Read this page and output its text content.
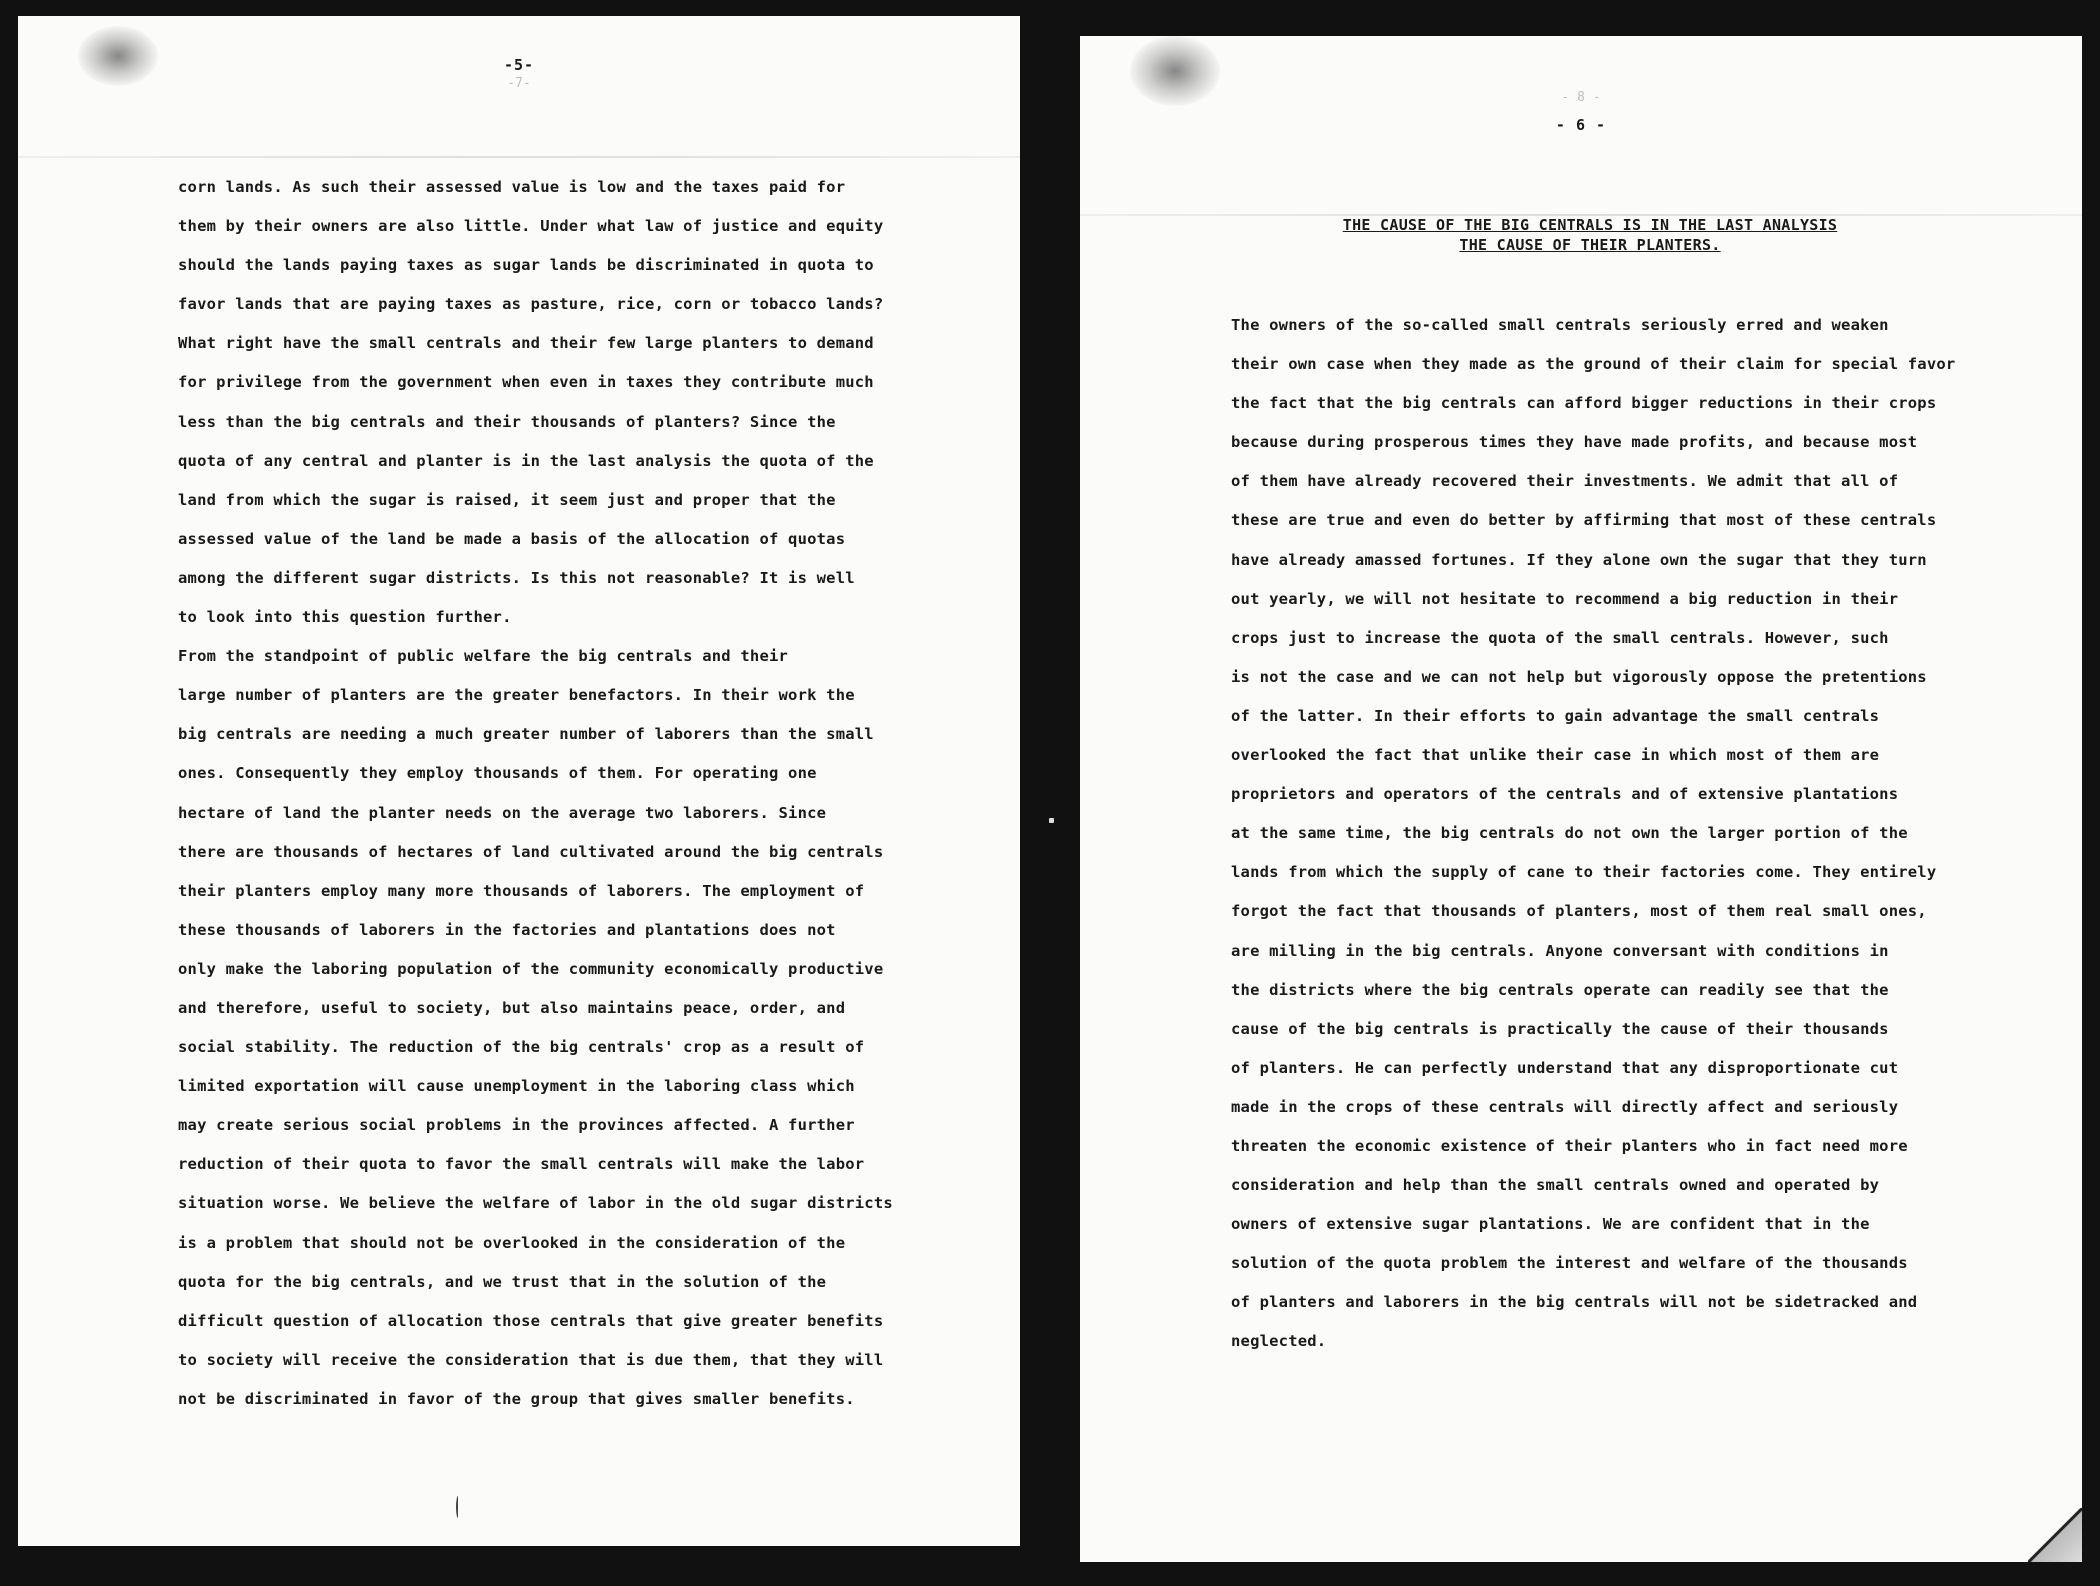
-5-
-7-
corn lands. As such their assessed value is low and the taxes paid for
them by their owners are also little. Under what law of justice and equity
should the lands paying taxes as sugar lands be discriminated in quota to
favor lands that are paying taxes as pasture, rice, corn or tobacco lands?
What right have the small centrals and their few large planters to demand
for privilege from the government when even in taxes they contribute much
less than the big centrals and their thousands of planters? Since the
quota of any central and planter is in the last analysis the quota of the
land from which the sugar is raised, it seem just and proper that the
assessed value of the land be made a basis of the allocation of quotas
among the different sugar districts. Is this not reasonable? It is well
to look into this question further.
From the standpoint of public welfare the big centrals and their
large number of planters are the greater benefactors. In their work the
big centrals are needing a much greater number of laborers than the small
ones. Consequently they employ thousands of them. For operating one
hectare of land the planter needs on the average two laborers. Since
there are thousands of hectares of land cultivated around the big centrals
their planters employ many more thousands of laborers. The employment of
these thousands of laborers in the factories and plantations does not
only make the laboring population of the community economically productive
and therefore, useful to society, but also maintains peace, order, and
social stability. The reduction of the big centrals' crop as a result of
limited exportation will cause unemployment in the laboring class which
may create serious social problems in the provinces affected. A further
reduction of their quota to favor the small centrals will make the labor
situation worse. We believe the welfare of labor in the old sugar districts
is a problem that should not be overlooked in the consideration of the
quota for the big centrals, and we trust that in the solution of the
difficult question of allocation those centrals that give greater benefits
to society will receive the consideration that is due them, that they will
not be discriminated in favor of the group that gives smaller benefits.
- 8 -
- 6 -
THE CAUSE OF THE BIG CENTRALS IS IN THE LAST ANALYSIS
THE CAUSE OF THEIR PLANTERS.
The owners of the so-called small centrals seriously erred and weaken
their own case when they made as the ground of their claim for special favor
the fact that the big centrals can afford bigger reductions in their crops
because during prosperous times they have made profits, and because most
of them have already recovered their investments. We admit that all of
these are true and even do better by affirming that most of these centrals
have already amassed fortunes. If they alone own the sugar that they turn
out yearly, we will not hesitate to recommend a big reduction in their
crops just to increase the quota of the small centrals. However, such
is not the case and we can not help but vigorously oppose the pretentions
of the latter. In their efforts to gain advantage the small centrals
overlooked the fact that unlike their case in which most of them are
proprietors and operators of the centrals and of extensive plantations
at the same time, the big centrals do not own the larger portion of the
lands from which the supply of cane to their factories come. They entirely
forgot the fact that thousands of planters, most of them real small ones,
are milling in the big centrals. Anyone conversant with conditions in
the districts where the big centrals operate can readily see that the
cause of the big centrals is practically the cause of their thousands
of planters. He can perfectly understand that any disproportionate cut
made in the crops of these centrals will directly affect and seriously
threaten the economic existence of their planters who in fact need more
consideration and help than the small centrals owned and operated by
owners of extensive sugar plantations. We are confident that in the
solution of the quota problem the interest and welfare of the thousands
of planters and laborers in the big centrals will not be sidetracked and
neglected.
